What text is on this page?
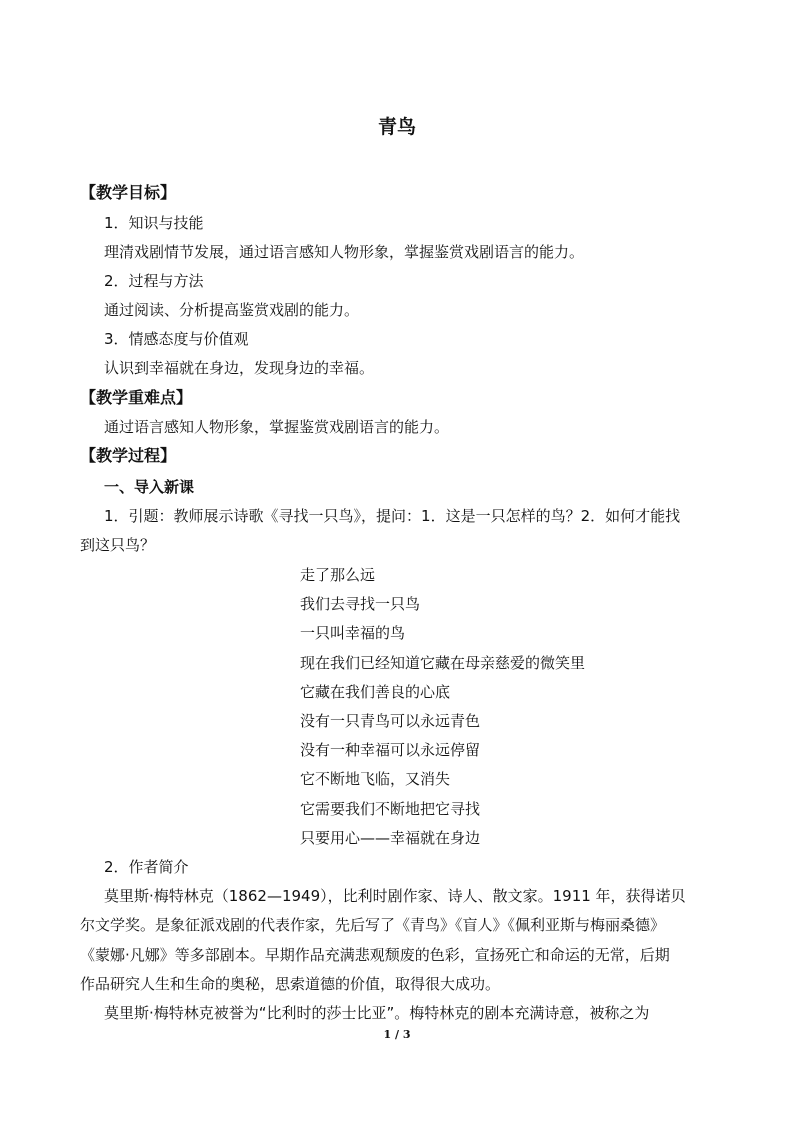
青鸟
【教学目标】
1．知识与技能
理清戏剧情节发展，通过语言感知人物形象，掌握鉴赏戏剧语言的能力。
2．过程与方法
通过阅读、分析提高鉴赏戏剧的能力。
3．情感态度与价值观
认识到幸福就在身边，发现身边的幸福。
【教学重难点】
通过语言感知人物形象，掌握鉴赏戏剧语言的能力。
【教学过程】
一、导入新课
1．引题：教师展示诗歌《寻找一只鸟》，提问：1．这是一只怎样的鸟？2．如何才能找
到这只鸟？
走了那么远
我们去寻找一只鸟
一只叫幸福的鸟
现在我们已经知道它藏在母亲慈爱的微笑里
它藏在我们善良的心底
没有一只青鸟可以永远青色
没有一种幸福可以永远停留
它不断地飞临，又消失
它需要我们不断地把它寻找
只要用心——幸福就在身边
2．作者简介
莫里斯·梅特林克（1862—1949），比利时剧作家、诗人、散文家。1911 年，获得诺贝
尔文学奖。是象征派戏剧的代表作家，先后写了《青鸟》《盲人》《佩利亚斯与梅丽桑德》
《蒙娜·凡娜》等多部剧本。早期作品充满悲观颓废的色彩，宣扬死亡和命运的无常，后期
作品研究人生和生命的奥秘，思索道德的价值，取得很大成功。
莫里斯·梅特林克被誉为“比利时的莎士比亚”。梅特林克的剧本充满诗意，被称之为
1 / 3
